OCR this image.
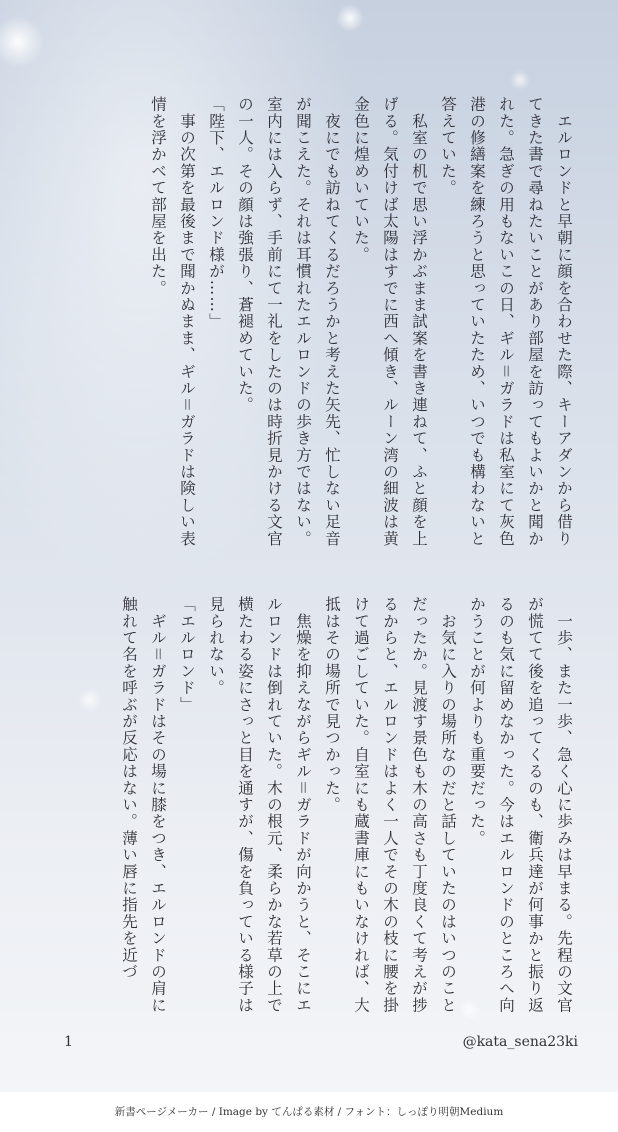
　エルロンドと早朝に顔を合わせた際、キーアダンから借りてきた書で尋ねたいことがあり部屋を訪ってもよいかと聞かれた。急ぎの用もないこの日、ギル＝ガラドは私室にて灰色港の修繕案を練ろうと思っていたため、いつでも構わないと答えていた。

　私室の机で思い浮かぶまま試案を書き連ねて、ふと顔を上げる。気付けば太陽はすでに西へ傾き、ルーン湾の細波は黄金色に煌めいていた。

　夜にでも訪ねてくるだろうかと考えた矢先、忙しない足音が聞こえた。それは耳慣れたエルロンドの歩き方ではない。室内には入らず、手前にて一礼をしたのは時折見かける文官の一人。その顔は強張り、蒼褪めていた。

「陛下、エルロンド様が……」

　事の次第を最後まで聞かぬまま、ギル＝ガラドは険しい表情を浮かべて部屋を出た。

　一歩、また一歩、急く心に歩みは早まる。先程の文官が慌てて後を追ってくるのも、衛兵達が何事かと振り返るのも気に留めなかった。今はエルロンドのところへ向かうことが何よりも重要だった。

　お気に入りの場所なのだと話していたのはいつのことだったか。見渡す景色も木の高さも丁度良くて考えが捗るからと、エルロンドはよく一人でその木の枝に腰を掛けて過ごしていた。自室にも蔵書庫にもいなければ、大抵はその場所で見つかった。

　焦燥を抑えながらギル＝ガラドが向かうと、そこにエルロンドは倒れていた。木の根元、柔らかな若草の上で横たわる姿にさっと目を通すが、傷を負っている様子は見られない。

「エルロンド」

　ギル＝ガラドはその場に膝をつき、エルロンドの肩に触れて名を呼ぶが反応はない。薄い唇に指先を近づ

1	@kata_sena23ki
新書ページメーカー / Image by てんぱる素材 / フォント：しっぽり明朝Medium
